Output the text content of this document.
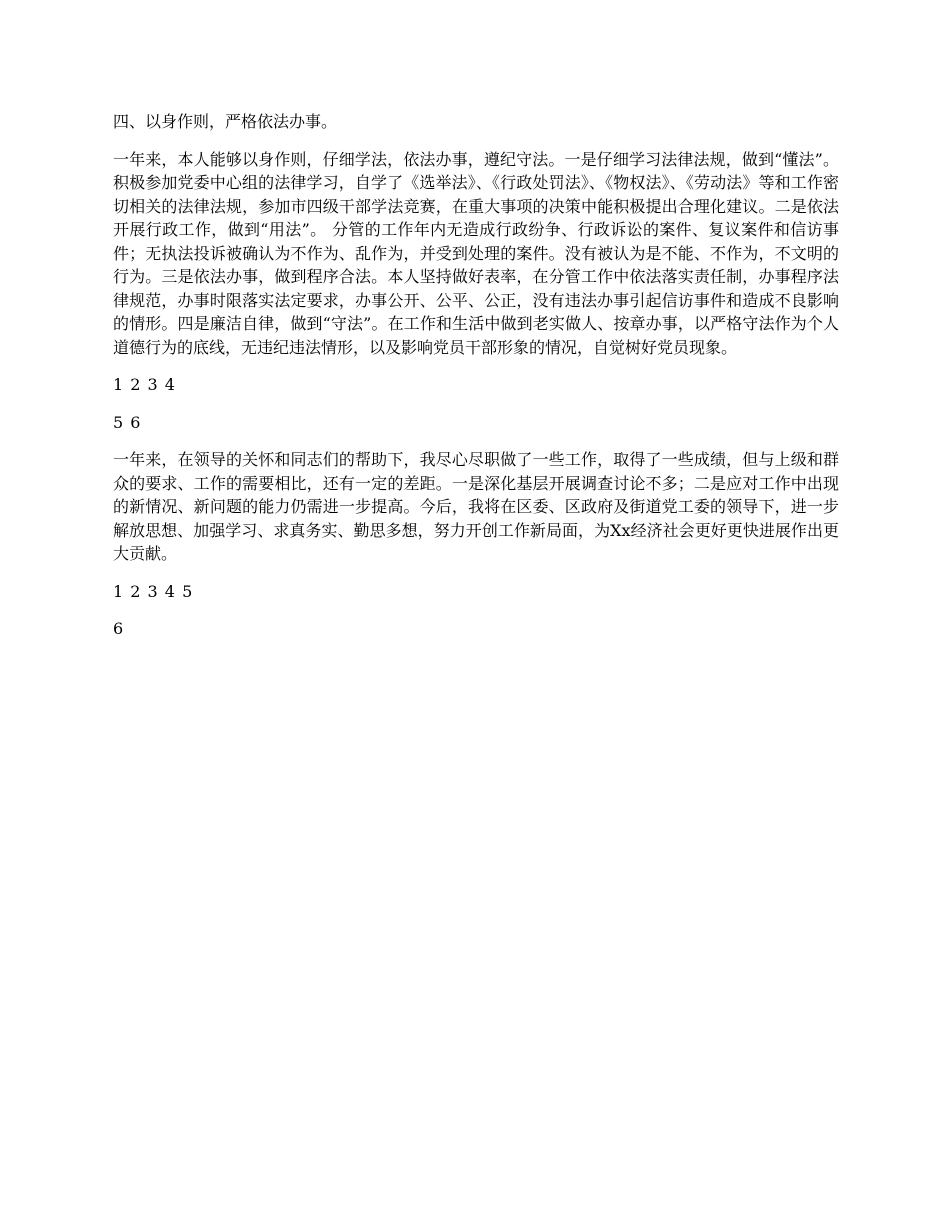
四、以身作则，严格依法办事。

一年来，本人能够以身作则，仔细学法，依法办事，遵纪守法。一是仔细学习法律法规，做到“懂法”。积极参加党委中心组的法律学习，自学了《选举法》、《行政处罚法》、《物权法》、《劳动法》等和工作密切相关的法律法规，参加市四级干部学法竞赛，在重大事项的决策中能积极提出合理化建议。二是依法开展行政工作，做到“用法”。 分管的工作年内无造成行政纷争、行政诉讼的案件、复议案件和信访事件；无执法投诉被确认为不作为、乱作为，并受到处理的案件。没有被认为是不能、不作为，不文明的行为。三是依法办事，做到程序合法。本人坚持做好表率，在分管工作中依法落实责任制，办事程序法律规范，办事时限落实法定要求，办事公开、公平、公正，没有违法办事引起信访事件和造成不良影响的情形。四是廉洁自律，做到“守法”。在工作和生活中做到老实做人、按章办事，以严格守法作为个人道德行为的底线，无违纪违法情形，以及影响党员干部形象的情况，自觉树好党员现象。

1 2 3 4

5 6

一年来，在领导的关怀和同志们的帮助下，我尽心尽职做了一些工作，取得了一些成绩，但与上级和群众的要求、工作的需要相比，还有一定的差距。一是深化基层开展调查讨论不多；二是应对工作中出现的新情况、新问题的能力仍需进一步提高。今后，我将在区委、区政府及街道党工委的领导下，进一步解放思想、加强学习、求真务实、勤思多想，努力开创工作新局面，为Xx经济社会更好更快进展作出更大贡献。

1 2 3 4 5

6
